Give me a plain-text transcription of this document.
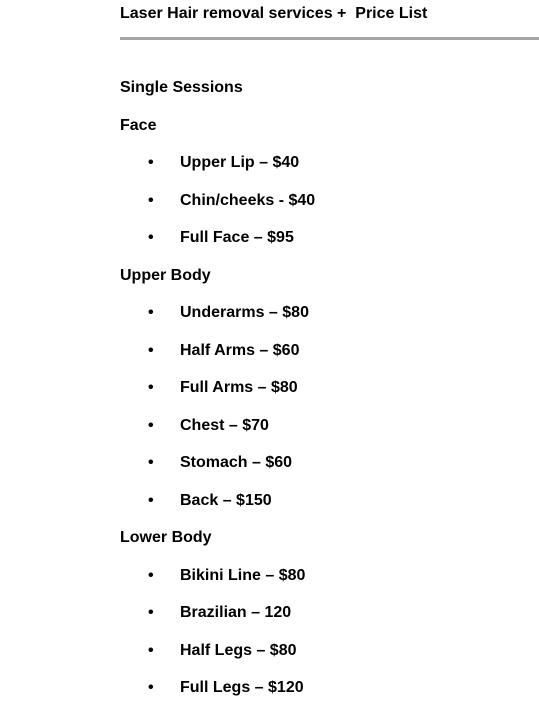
Laser Hair removal services +  Price List
Single Sessions
Face
• Upper Lip – $40
• Chin/cheeks - $40
• Full Face – $95
Upper Body
• Underarms – $80
• Half Arms – $60
• Full Arms – $80
• Chest – $70
• Stomach – $60
• Back – $150
Lower Body
• Bikini Line – $80
• Brazilian – 120
• Half Legs – $80
• Full Legs – $120
